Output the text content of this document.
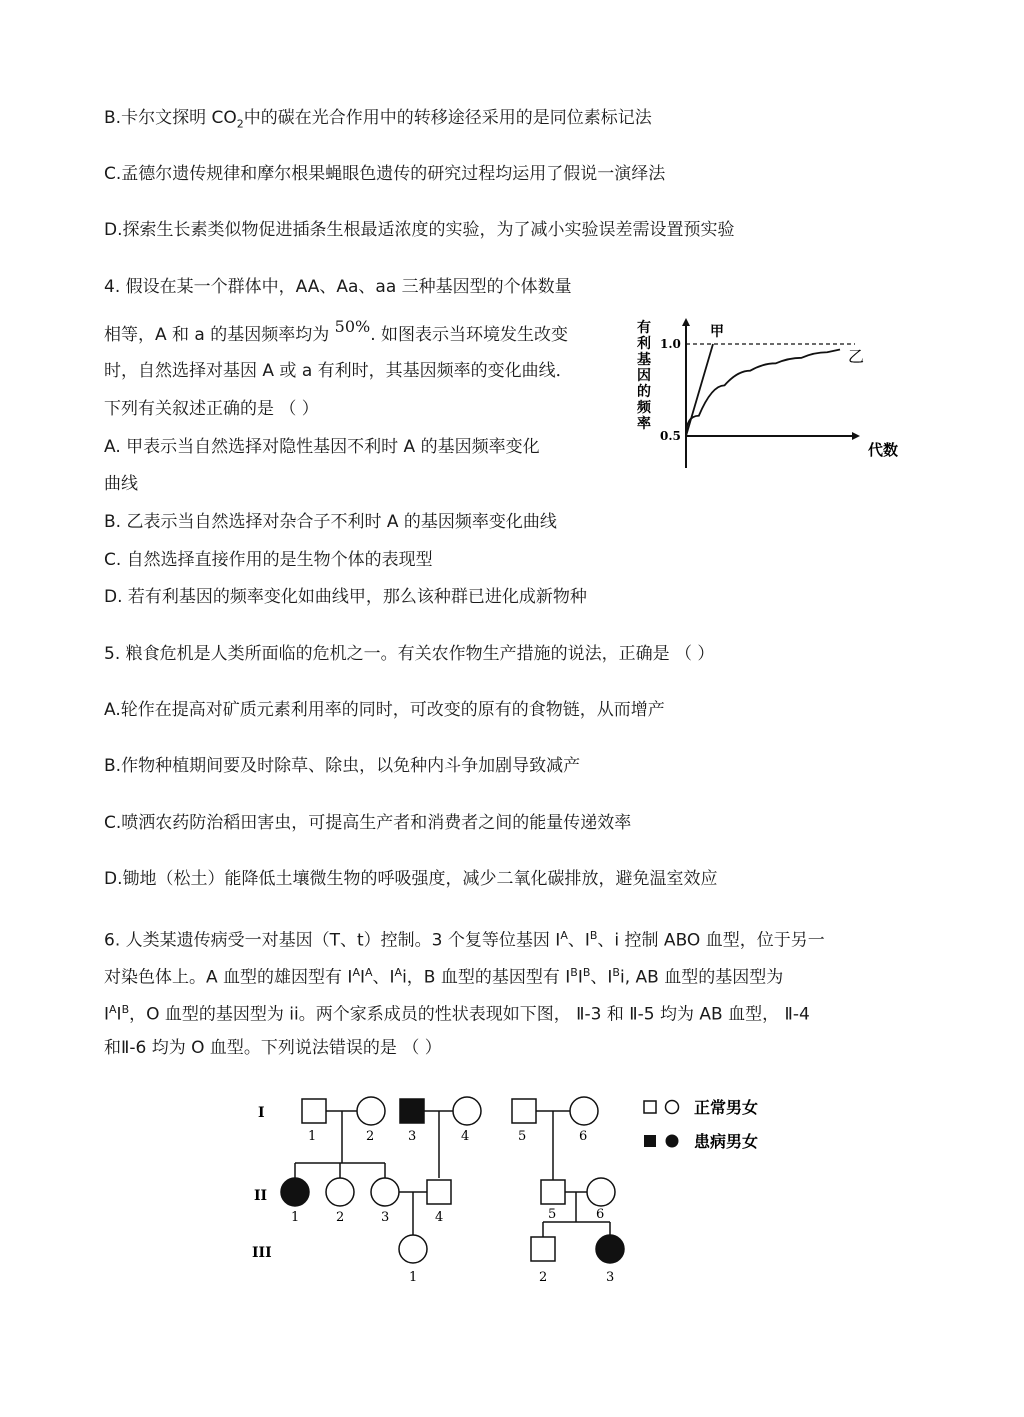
B.卡尔文探明 $CO_2$中的碳在光合作用中的转移途径采用的是同位素标记法
C.孟德尔遗传规律和摩尔根果蝇眼色遗传的研究过程均运用了假说一演绎法
D.探索生长素类似物促进插条生根最适浓度的实验，为了减小实验误差需设置预实验
4. 假设在某一个群体中，AA、Aa、aa 三种基因型的个体数量
相等，A 和 a 的基因频率均为 50%. 如图表示当环境发生改变
时，自然选择对基因 A 或 a 有利时，其基因频率的变化曲线．
下列有关叙述正确的是 （ ）
A. 甲表示当自然选择对隐性基因不利时 A 的基因频率变化
曲线
B. 乙表示当自然选择对杂合子不利时 A 的基因频率变化曲线
C. 自然选择直接作用的是生物个体的表现型
D. 若有利基因的频率变化如曲线甲，那么该种群已进化成新物种
有利基因的频率
1.0
0.5
代数
甲
乙
5. 粮食危机是人类所面临的危机之一。有关农作物生产措施的说法，正确是 （ ）
A.轮作在提高对矿质元素利用率的同时，可改变的原有的食物链，从而增产
B.作物种植期间要及时除草、除虫，以免种内斗争加剧导致减产
C.喷洒农药防治稻田害虫，可提高生产者和消费者之间的能量传递效率
D.锄地（松土）能降低土壤微生物的呼吸强度，减少二氧化碳排放，避免温室效应
6. 人类某遗传病受一对基因（T、t）控制。3 个复等位基因 $I^A$、$I^B$、i 控制 ABO 血型，位于另一
对染色体上。A 血型的雄因型有 $I^AI^A$、$I^Ai$，B 血型的基因型有 $I^BI^B$、$I^Bi$, AB 血型的基因型为
$I^AI^B$，O 血型的基因型为 ii。两个家系成员的性状表现如下图， Ⅱ-3 和 Ⅱ-5 均为 AB 血型， Ⅱ-4
和Ⅱ-6 均为 O 血型。下列说法错误的是 （ ）
I
II
III
1	2	3	4
1	2	3	4
1
5	6
5	6
2	3
正常男女
患病男女
